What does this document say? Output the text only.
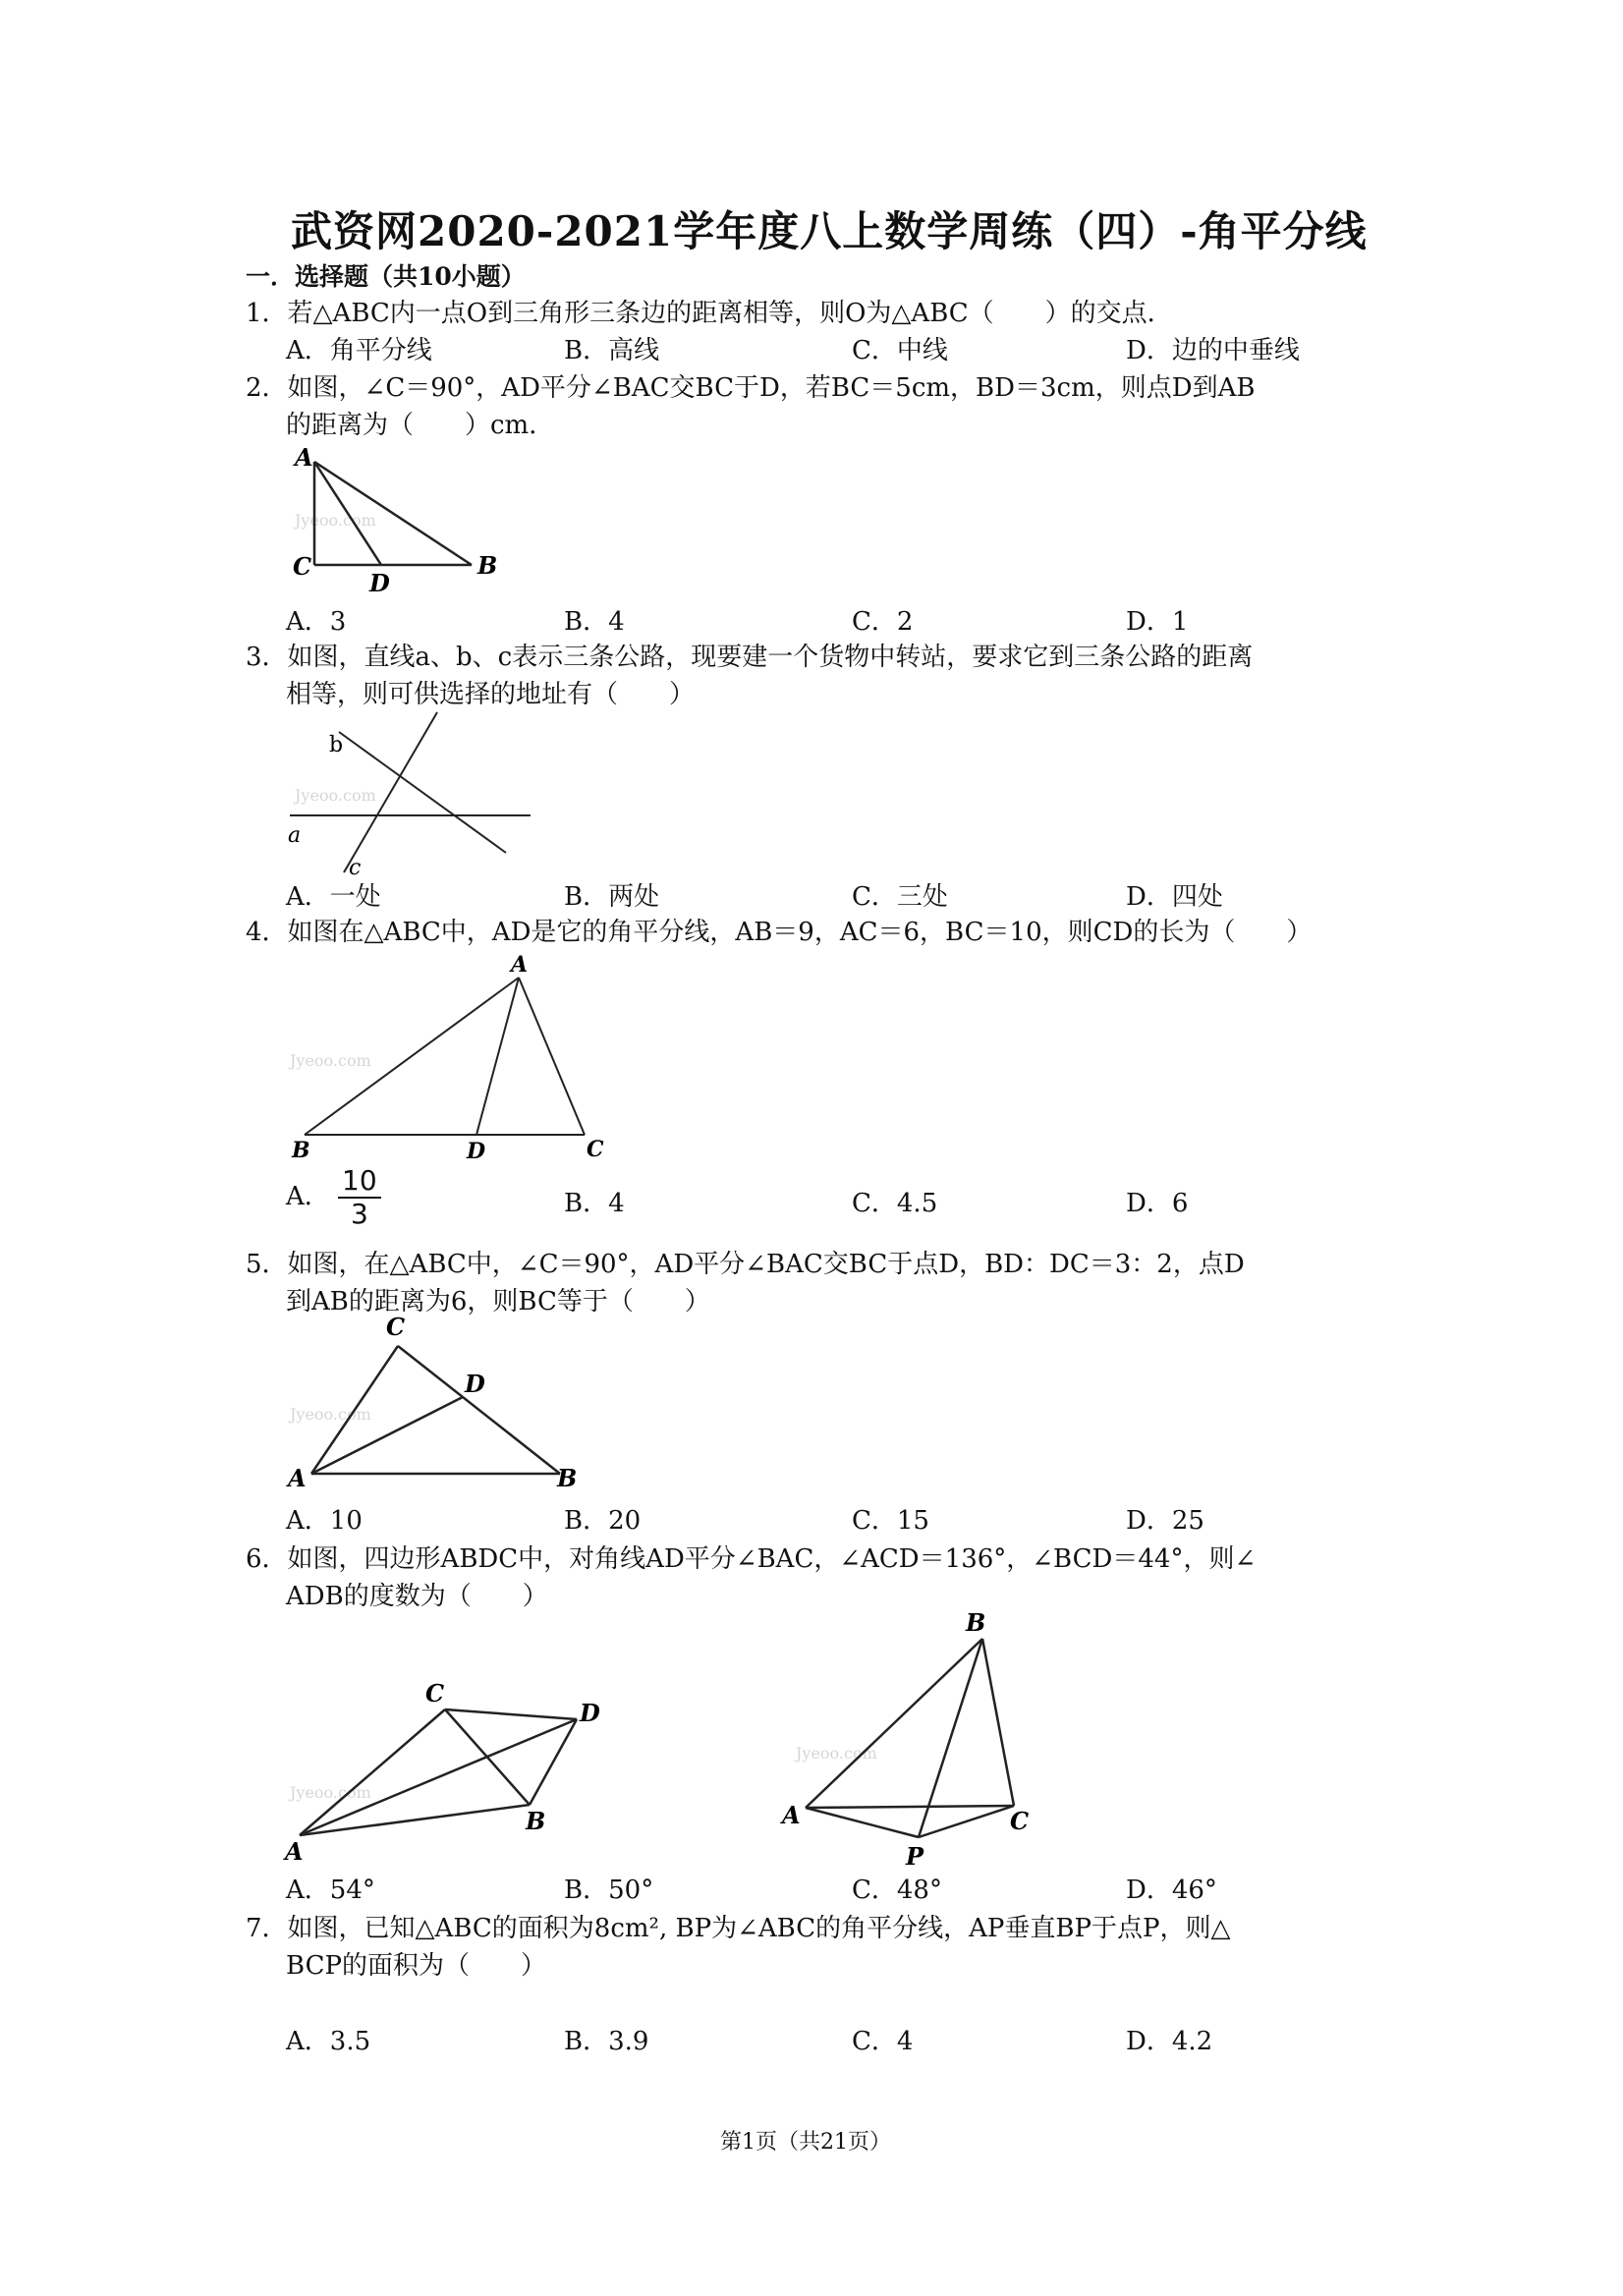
武资网2020-2021学年度八上数学周练（四）-角平分线
一．选择题（共10小题）
1．若△ABC内一点O到三角形三条边的距离相等，则O为△ABC（　　）的交点．
A．角平分线	B．高线	C．中线	D．边的中垂线
2．如图，∠C＝90°，AD平分∠BAC交BC于D，若BC＝5cm，BD＝3cm，则点D到AB
的距离为（　　）cm．
Jyeoo.com
A
C
D
B
A．3	B．4	C．2	D．1
3．如图，直线a、b、c表示三条公路，现要建一个货物中转站，要求它到三条公路的距离
相等，则可供选择的地址有（　　）
Jyeoo.com
b
a
c
A．一处	B．两处	C．三处	D．四处
4．如图在△ABC中，AD是它的角平分线，AB＝9，AC＝6，BC＝10，则CD的长为（　　）
Jyeoo.com
A
B	D	C
A． $\frac{10}{3}$	B．4	C．4.5	D．6
5．如图，在△ABC中，∠C＝90°，AD平分∠BAC交BC于点D，BD：DC＝3：2，点D
到AB的距离为6，则BC等于（　　）
Jyeoo.com
C
D
A	B
A．10	B．20	C．15	D．25
6．如图，四边形ABDC中，对角线AD平分∠BAC，∠ACD＝136°，∠BCD＝44°，则∠
ADB的度数为（　　）
Jyeoo.com
C
D
A
B
Jyeoo.com
B
A	C
P
A．54°	B．50°	C．48°	D．46°
7．如图，已知△ABC的面积为8cm², BP为∠ABC的角平分线，AP垂直BP于点P，则△
BCP的面积为（　　）
A．3.5	B．3.9	C．4	D．4.2
第1页（共21页）
